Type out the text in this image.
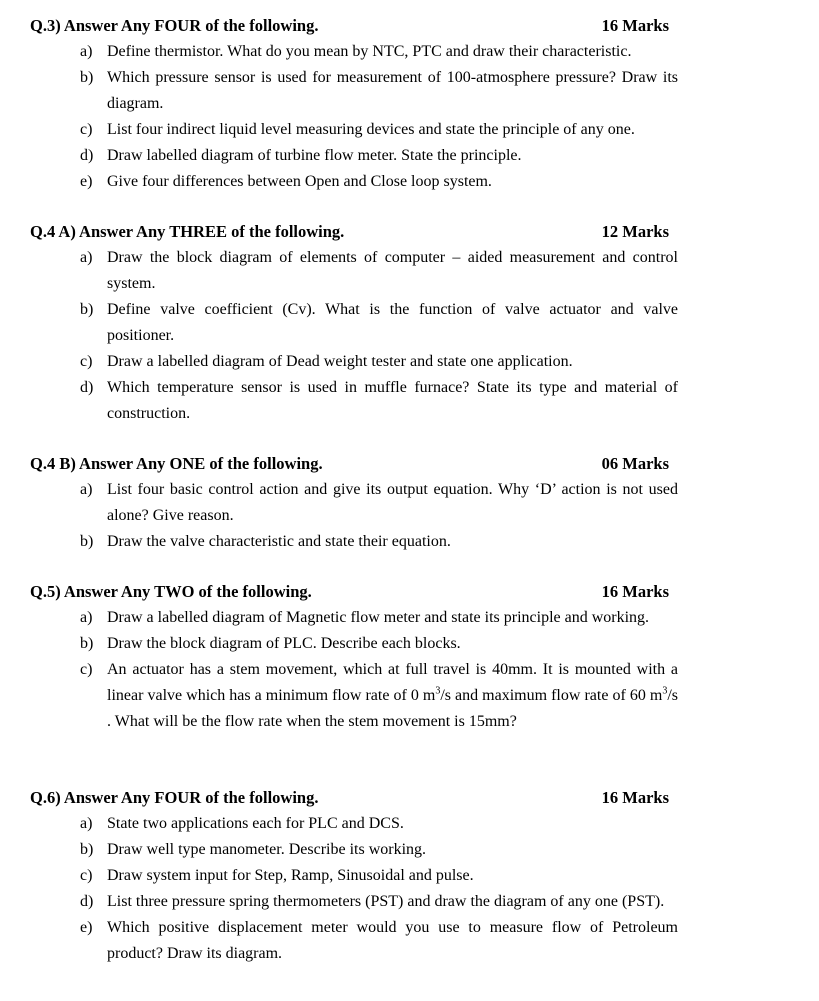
Q.3) Answer Any FOUR of the following.	16 Marks
a) Define thermistor. What do you mean by NTC, PTC and draw their characteristic.
b) Which pressure sensor is used for measurement of 100-atmosphere pressure? Draw its diagram.
c) List four indirect liquid level measuring devices and state the principle of any one.
d) Draw labelled diagram of turbine flow meter. State the principle.
e) Give four differences between Open and Close loop system.
Q.4 A) Answer Any THREE of the following.	12 Marks
a) Draw the block diagram of elements of computer – aided measurement and control system.
b) Define valve coefficient (Cv). What is the function of valve actuator and valve positioner.
c) Draw a labelled diagram of Dead weight tester and state one application.
d) Which temperature sensor is used in muffle furnace? State its type and material of construction.
Q.4 B) Answer Any ONE of the following.	06 Marks
a) List four basic control action and give its output equation. Why ‘D’ action is not used alone? Give reason.
b) Draw the valve characteristic and state their equation.
Q.5) Answer Any TWO of the following.	16 Marks
a) Draw a labelled diagram of Magnetic flow meter and state its principle and working.
b) Draw the block diagram of PLC. Describe each blocks.
c) An actuator has a stem movement, which at full travel is 40mm. It is mounted with a linear valve which has a minimum flow rate of 0 $m^3/s$ and maximum flow rate of 60 $m^3/s$ . What will be the flow rate when the stem movement is 15mm?
Q.6) Answer Any FOUR of the following.	16 Marks
a) State two applications each for PLC and DCS.
b) Draw well type manometer. Describe its working.
c) Draw system input for Step, Ramp, Sinusoidal and pulse.
d) List three pressure spring thermometers (PST) and draw the diagram of any one (PST).
e) Which positive displacement meter would you use to measure flow of Petroleum product? Draw its diagram.
